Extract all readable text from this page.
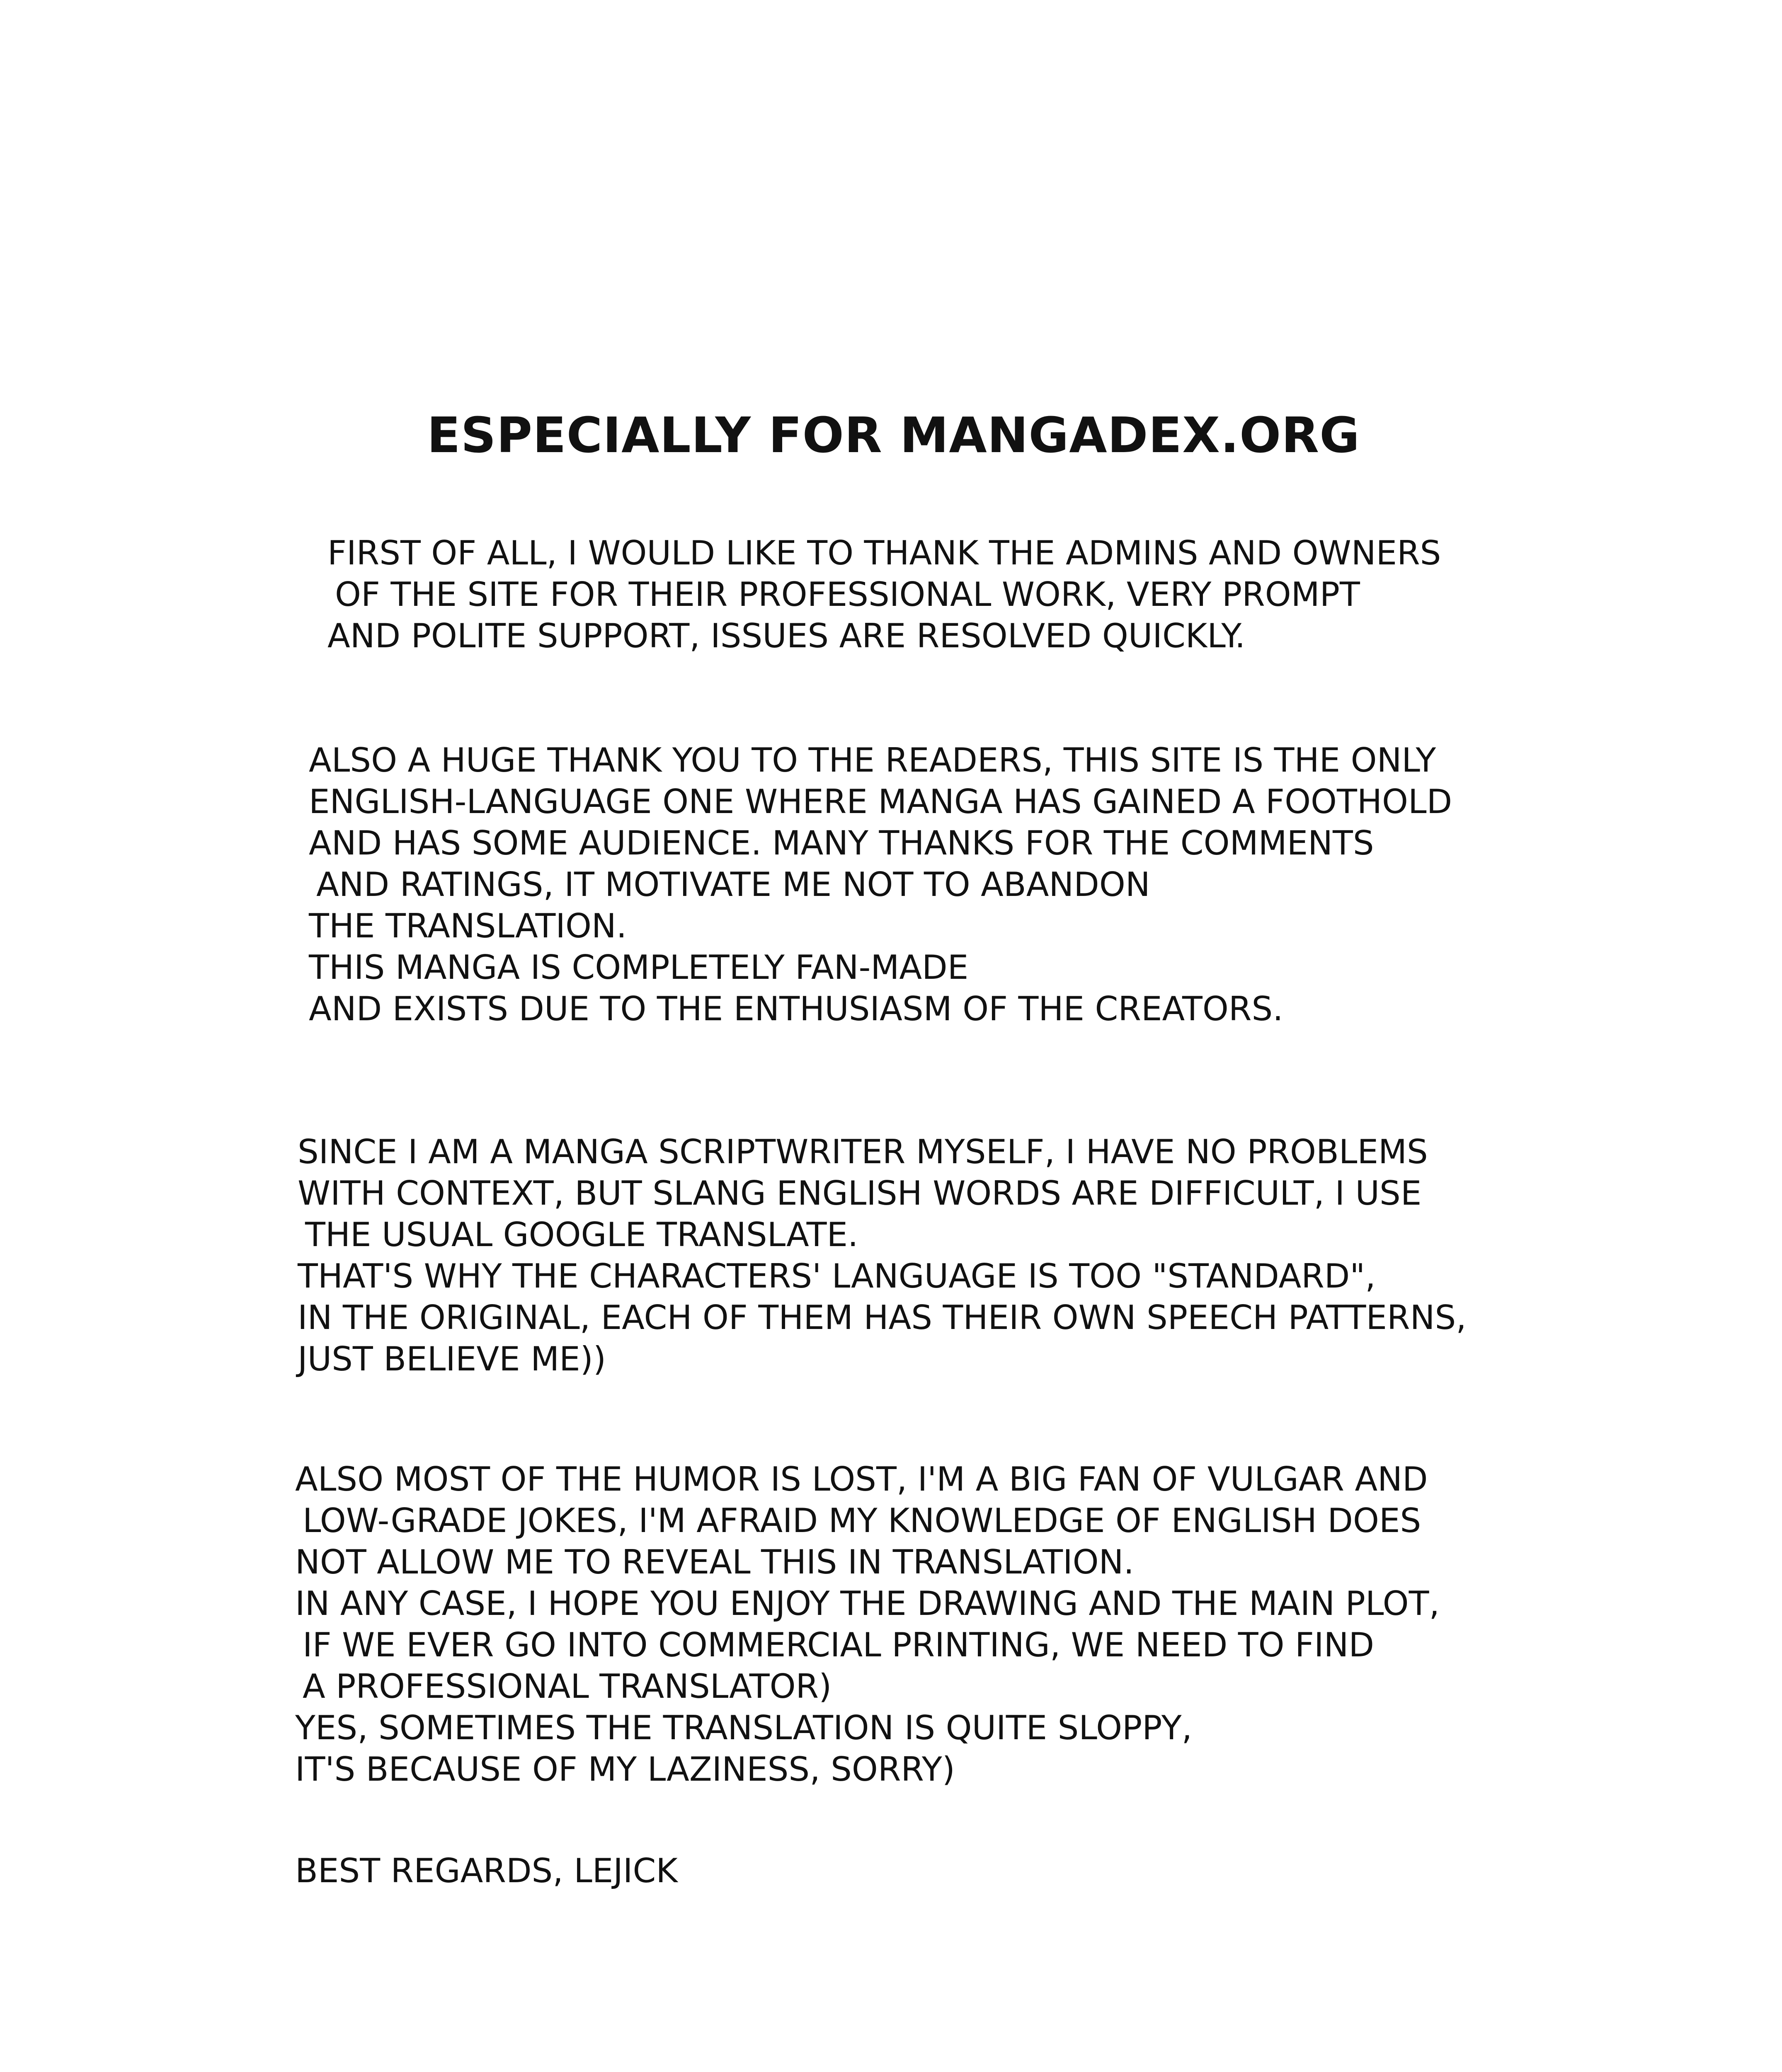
ESPECIALLY FOR MANGADEX.ORG
FIRST OF ALL, I WOULD LIKE TO THANK THE ADMINS AND OWNERS
OF THE SITE FOR THEIR PROFESSIONAL WORK, VERY PROMPT
AND POLITE SUPPORT, ISSUES ARE RESOLVED QUICKLY.
ALSO A HUGE THANK YOU TO THE READERS, THIS SITE IS THE ONLY
ENGLISH-LANGUAGE ONE WHERE MANGA HAS GAINED A FOOTHOLD
AND HAS SOME AUDIENCE. MANY THANKS FOR THE COMMENTS
AND RATINGS, IT MOTIVATE ME NOT TO ABANDON
THE TRANSLATION.
THIS MANGA IS COMPLETELY FAN-MADE
AND EXISTS DUE TO THE ENTHUSIASM OF THE CREATORS.
SINCE I AM A MANGA SCRIPTWRITER MYSELF, I HAVE NO PROBLEMS
WITH CONTEXT, BUT SLANG ENGLISH WORDS ARE DIFFICULT, I USE
THE USUAL GOOGLE TRANSLATE.
THAT'S WHY THE CHARACTERS' LANGUAGE IS TOO "STANDARD",
IN THE ORIGINAL, EACH OF THEM HAS THEIR OWN SPEECH PATTERNS,
JUST BELIEVE ME))
ALSO MOST OF THE HUMOR IS LOST, I'M A BIG FAN OF VULGAR AND
LOW-GRADE JOKES, I'M AFRAID MY KNOWLEDGE OF ENGLISH DOES
NOT ALLOW ME TO REVEAL THIS IN TRANSLATION.
IN ANY CASE, I HOPE YOU ENJOY THE DRAWING AND THE MAIN PLOT,
IF WE EVER GO INTO COMMERCIAL PRINTING, WE NEED TO FIND
A PROFESSIONAL TRANSLATOR)
YES, SOMETIMES THE TRANSLATION IS QUITE SLOPPY,
IT'S BECAUSE OF MY LAZINESS, SORRY)
BEST REGARDS, LEJICK
